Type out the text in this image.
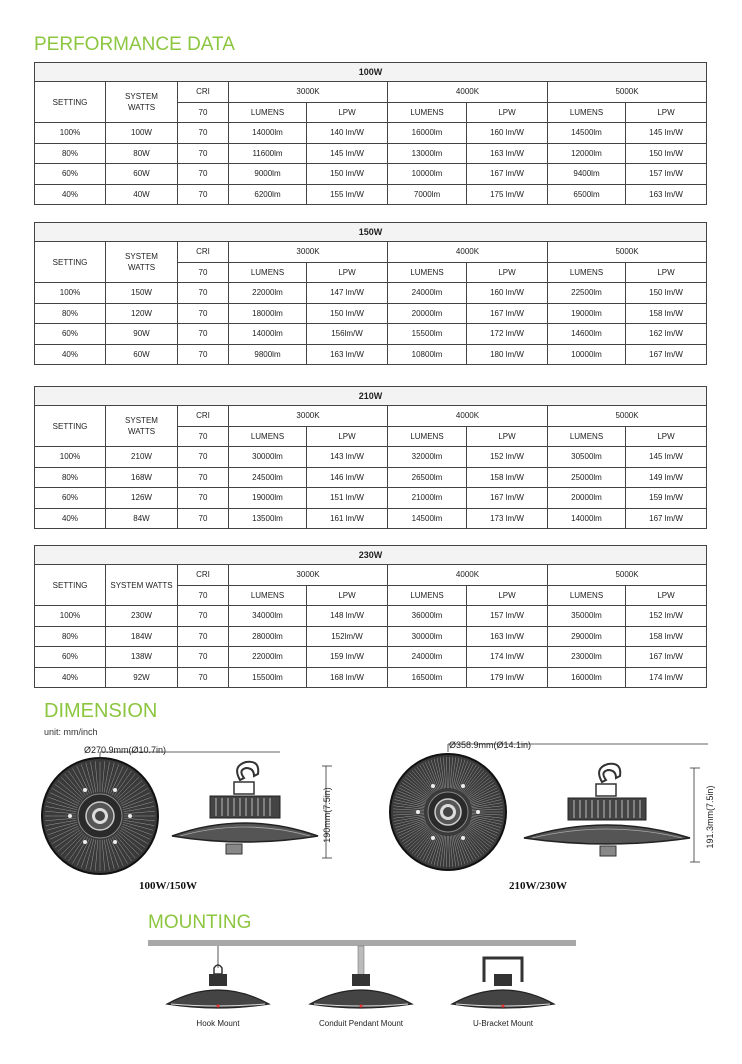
PERFORMANCE DATA
100W								
SETTING	SYSTEM WATTS	CRI	3000K		4000K		5000K	
		70	LUMENS	LPW	LUMENS	LPW	LUMENS	LPW
100%	100W	70	14000lm	140 lm/W	16000lm	160 lm/W	14500lm	145 lm/W
80%	80W	70	11600lm	145 lm/W	13000lm	163 lm/W	12000lm	150 lm/W
60%	60W	70	9000lm	150 lm/W	10000lm	167 lm/W	9400lm	157 lm/W
40%	40W	70	6200lm	155 lm/W	7000lm	175 lm/W	6500lm	163 lm/W
150W								
SETTING	SYSTEM WATTS	CRI	3000K		4000K		5000K	
		70	LUMENS	LPW	LUMENS	LPW	LUMENS	LPW
100%	150W	70	22000lm	147 lm/W	24000lm	160 lm/W	22500lm	150 lm/W
80%	120W	70	18000lm	150 lm/W	20000lm	167 lm/W	19000lm	158 lm/W
60%	90W	70	14000lm	156lm/W	15500lm	172 lm/W	14600lm	162 lm/W
40%	60W	70	9800lm	163 lm/W	10800lm	180 lm/W	10000lm	167 lm/W
210W								
SETTING	SYSTEM WATTS	CRI	3000K		4000K		5000K	
		70	LUMENS	LPW	LUMENS	LPW	LUMENS	LPW
100%	210W	70	30000lm	143 lm/W	32000lm	152 lm/W	30500lm	145 lm/W
80%	168W	70	24500lm	146 lm/W	26500lm	158 lm/W	25000lm	149 lm/W
60%	126W	70	19000lm	151 lm/W	21000lm	167 lm/W	20000lm	159 lm/W
40%	84W	70	13500lm	161 lm/W	14500lm	173 lm/W	14000lm	167 lm/W
230W								
SETTING	SYSTEM WATTS	CRI	3000K		4000K		5000K	
		70	LUMENS	LPW	LUMENS	LPW	LUMENS	LPW
100%	230W	70	34000lm	148 lm/W	36000lm	157 lm/W	35000lm	152 lm/W
80%	184W	70	28000lm	152lm/W	30000lm	163 lm/W	29000lm	158 lm/W
60%	138W	70	22000lm	159 lm/W	24000lm	174 lm/W	23000lm	167 lm/W
40%	92W	70	15500lm	168 lm/W	16500lm	179 lm/W	16000lm	174 lm/W
DIMENSION
unit: mm/inch
Ø270.9mm(Ø10.7in)
190mm(7.5in)
100W/150W
Ø358.9mm(Ø14.1in)
191.3mm(7.5in)
210W/230W
MOUNTING
Hook Mount	Conduit Pendant Mount	U-Bracket Mount
